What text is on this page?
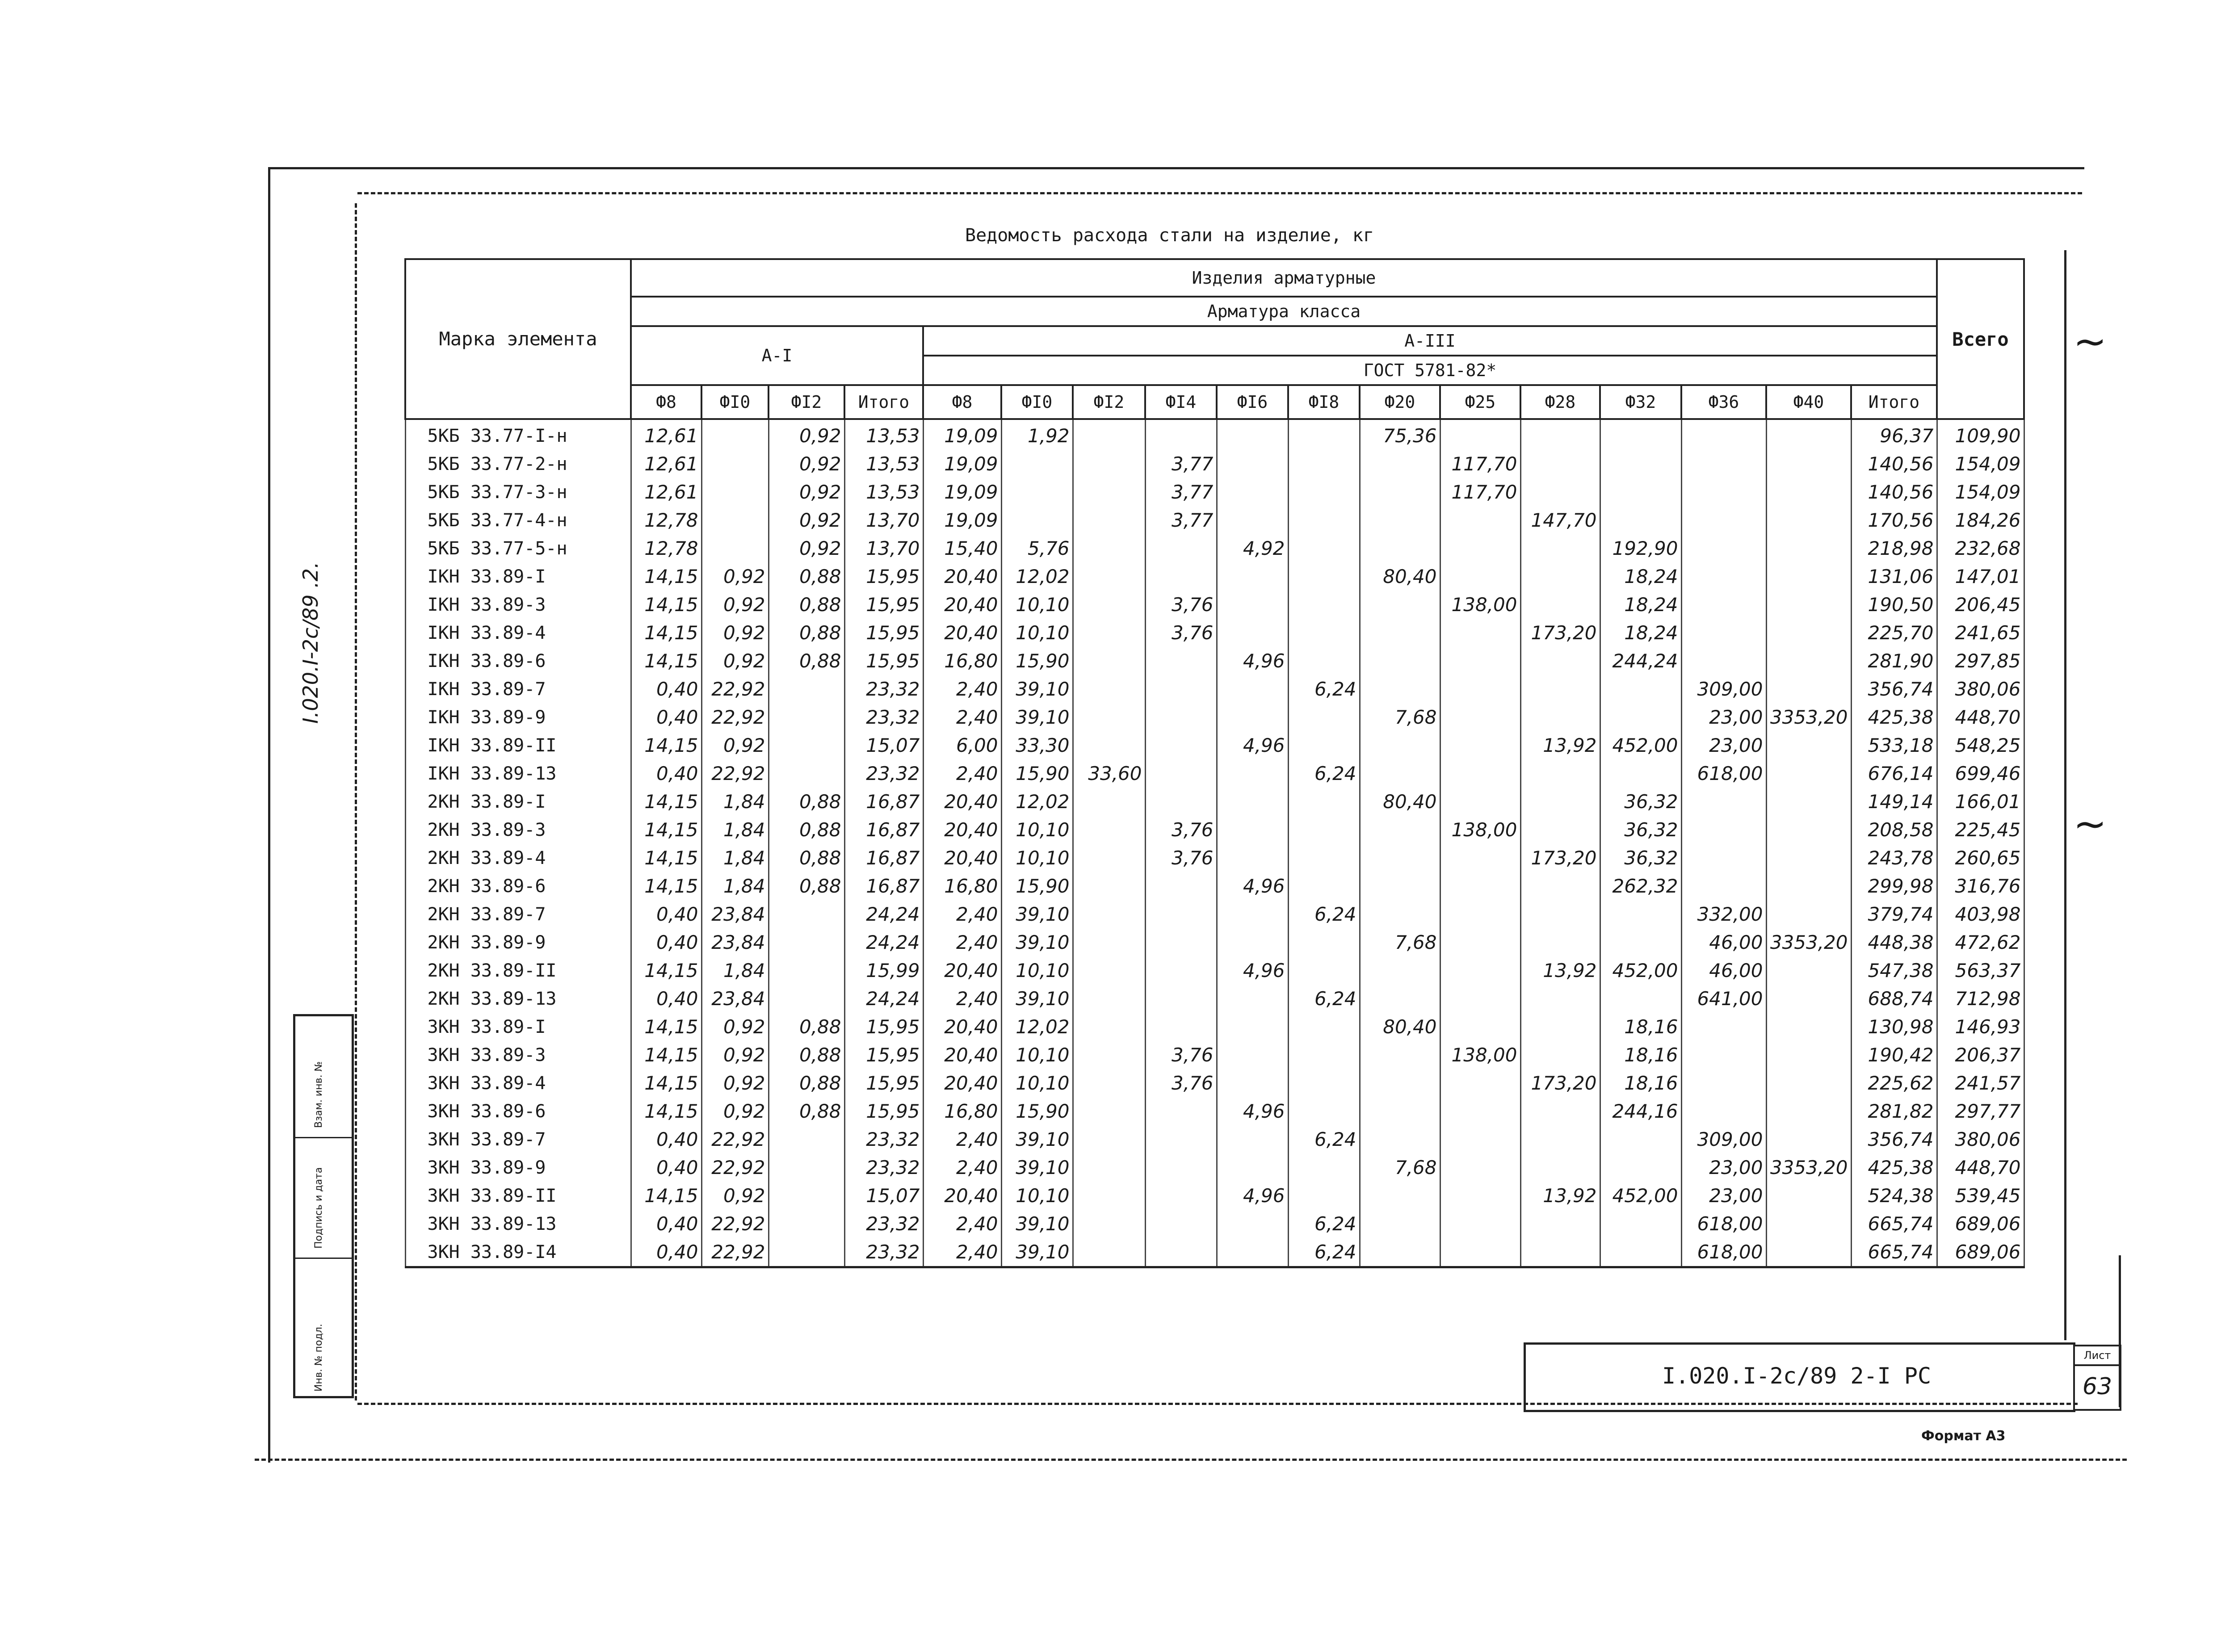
~
~
Ведомость расхода стали на изделие, кг
I.020.I-2с/89 .2.
Инв. № подл.
Подпись и дата
Взам. инв. №
Марка элемента	Изделия арматурные																	Всего
	Арматура класса																	
	A-I				A-III													
					ГОСТ 5781-82*													
	Ф8	ФI0	ФI2	Итого	Ф8	ФI0	ФI2	ФI4	ФI6	ФI8	Ф20	Ф25	Ф28	Ф32	Ф36	Ф40	Итого	
5КБ 33.77-I-н	12,61		0,92	13,53	19,09	1,92					75,36						96,37	109,90
5КБ 33.77-2-н	12,61		0,92	13,53	19,09			3,77				117,70					140,56	154,09
5КБ 33.77-3-н	12,61		0,92	13,53	19,09			3,77				117,70					140,56	154,09
5КБ 33.77-4-н	12,78		0,92	13,70	19,09			3,77					147,70				170,56	184,26
5КБ 33.77-5-н	12,78		0,92	13,70	15,40	5,76			4,92					192,90			218,98	232,68
IКН 33.89-I	14,15	0,92	0,88	15,95	20,40	12,02					80,40			18,24			131,06	147,01
IКН 33.89-3	14,15	0,92	0,88	15,95	20,40	10,10		3,76				138,00		18,24			190,50	206,45
IКН 33.89-4	14,15	0,92	0,88	15,95	20,40	10,10		3,76					173,20	18,24			225,70	241,65
IКН 33.89-6	14,15	0,92	0,88	15,95	16,80	15,90			4,96					244,24			281,90	297,85
IКН 33.89-7	0,40	22,92		23,32	2,40	39,10				6,24					309,00		356,74	380,06
IКН 33.89-9	0,40	22,92		23,32	2,40	39,10					7,68				23,00	3353,20	425,38	448,70
IКН 33.89-II	14,15	0,92		15,07	6,00	33,30			4,96				13,92	452,00	23,00		533,18	548,25
IКН 33.89-13	0,40	22,92		23,32	2,40	15,90	33,60			6,24					618,00		676,14	699,46
2КН 33.89-I	14,15	1,84	0,88	16,87	20,40	12,02					80,40			36,32			149,14	166,01
2КН 33.89-3	14,15	1,84	0,88	16,87	20,40	10,10		3,76				138,00		36,32			208,58	225,45
2КН 33.89-4	14,15	1,84	0,88	16,87	20,40	10,10		3,76					173,20	36,32			243,78	260,65
2КН 33.89-6	14,15	1,84	0,88	16,87	16,80	15,90			4,96					262,32			299,98	316,76
2КН 33.89-7	0,40	23,84		24,24	2,40	39,10				6,24					332,00		379,74	403,98
2КН 33.89-9	0,40	23,84		24,24	2,40	39,10					7,68				46,00	3353,20	448,38	472,62
2КН 33.89-II	14,15	1,84		15,99	20,40	10,10			4,96				13,92	452,00	46,00		547,38	563,37
2КН 33.89-13	0,40	23,84		24,24	2,40	39,10				6,24					641,00		688,74	712,98
3КН 33.89-I	14,15	0,92	0,88	15,95	20,40	12,02					80,40			18,16			130,98	146,93
3КН 33.89-3	14,15	0,92	0,88	15,95	20,40	10,10		3,76				138,00		18,16			190,42	206,37
3КН 33.89-4	14,15	0,92	0,88	15,95	20,40	10,10		3,76					173,20	18,16			225,62	241,57
3КН 33.89-6	14,15	0,92	0,88	15,95	16,80	15,90			4,96					244,16			281,82	297,77
3КН 33.89-7	0,40	22,92		23,32	2,40	39,10				6,24					309,00		356,74	380,06
3КН 33.89-9	0,40	22,92		23,32	2,40	39,10					7,68				23,00	3353,20	425,38	448,70
3КН 33.89-II	14,15	0,92		15,07	20,40	10,10			4,96				13,92	452,00	23,00		524,38	539,45
3КН 33.89-13	0,40	22,92		23,32	2,40	39,10				6,24					618,00		665,74	689,06
3КН 33.89-I4	0,40	22,92		23,32	2,40	39,10				6,24					618,00		665,74	689,06
I.020.I-2с/89 2-I РС
Лист
63
Формат А3
